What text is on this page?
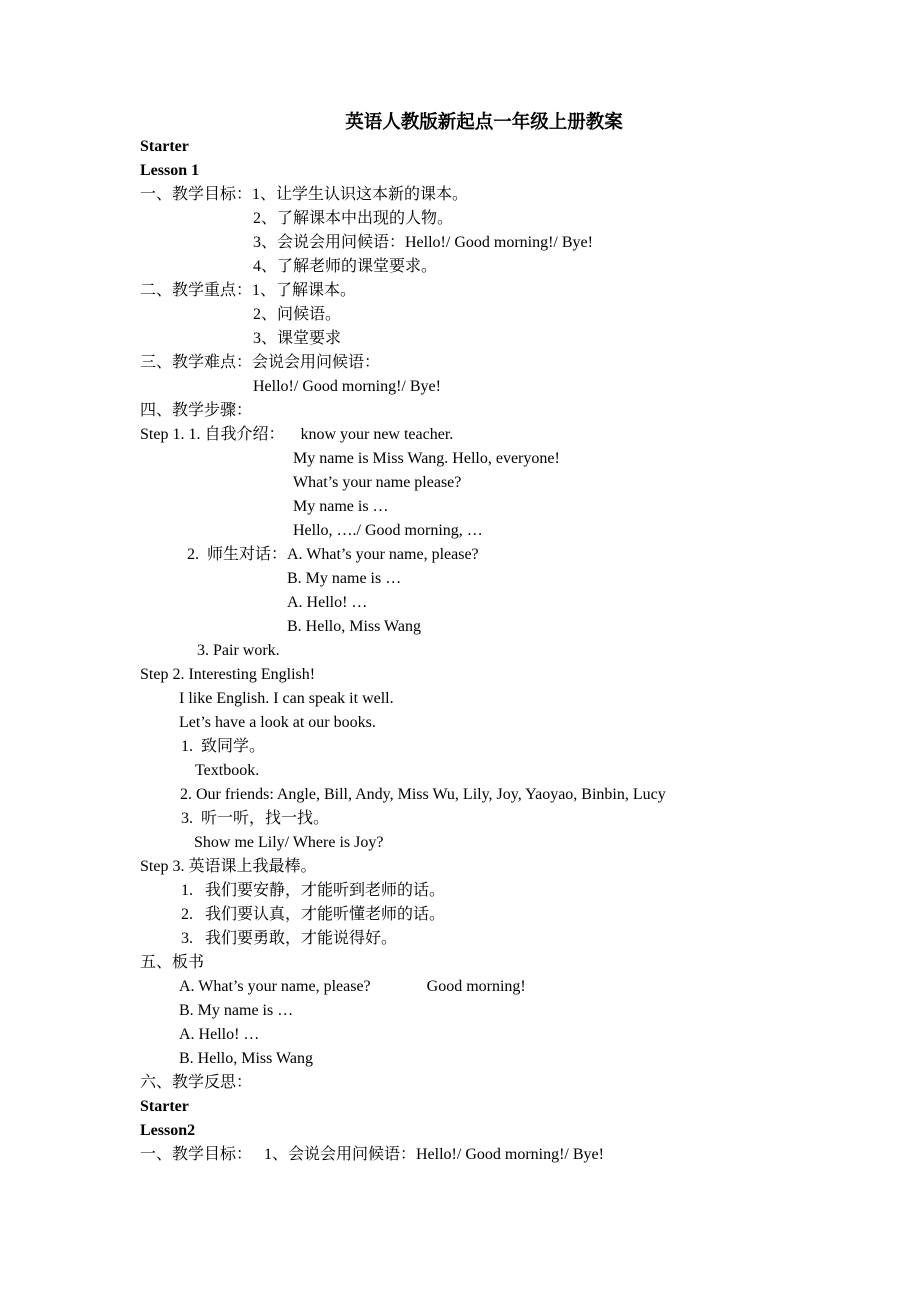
英语人教版新起点一年级上册教案
Starter
Lesson 1
一、教学目标：1、让学生认识这本新的课本。
2、了解课本中出现的人物。
3、会说会用问候语：Hello!/ Good morning!/ Bye!
4、了解老师的课堂要求。
二、教学重点：1、了解课本。
2、问候语。
3、课堂要求
三、教学难点：会说会用问候语：
Hello!/ Good morning!/ Bye!
四、教学步骤：
Step 1. 1. 自我介绍：    know your new teacher.
My name is Miss Wang. Hello, everyone!
What’s your name please?
My name is …
Hello, …./ Good morning, …
2.  师生对话：A. What’s your name, please?
B. My name is …
A. Hello! …
B. Hello, Miss Wang
3. Pair work.
Step 2. Interesting English!
I like English. I can speak it well.
Let’s have a look at our books.
1.  致同学。
Textbook.
2. Our friends: Angle, Bill, Andy, Miss Wu, Lily, Joy, Yaoyao, Binbin, Lucy
3.  听一听，找一找。
Show me Lily/ Where is Joy?
Step 3. 英语课上我最棒。
1.   我们要安静，才能听到老师的话。
2.   我们要认真，才能听懂老师的话。
3.   我们要勇敢，才能说得好。
五、板书
A. What’s your name, please?              Good morning!
B. My name is …
A. Hello! …
B. Hello, Miss Wang
六、教学反思：
Starter
Lesson2
一、教学目标：   1、会说会用问候语：Hello!/ Good morning!/ Bye!
